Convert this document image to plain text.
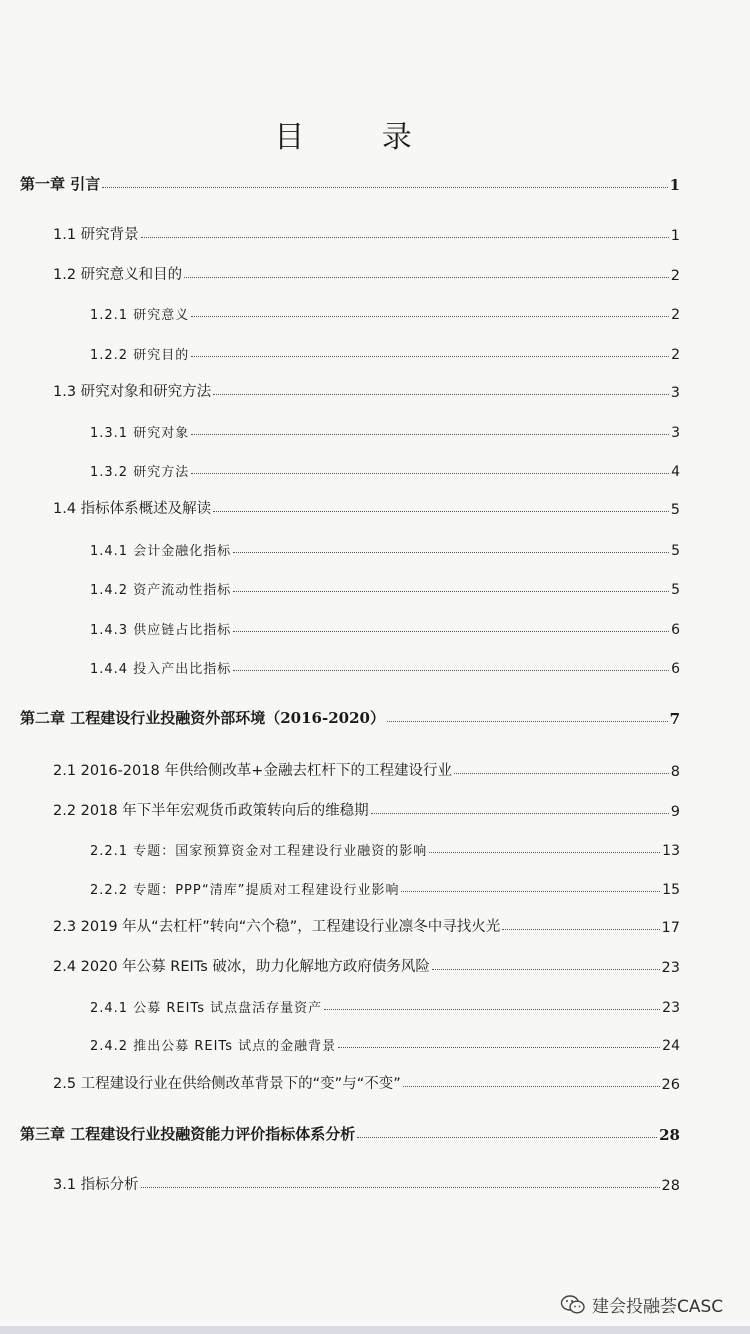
目 录
第一章 引言	1
1.1 研究背景	1
1.2 研究意义和目的	2
1.2.1 研究意义	2
1.2.2 研究目的	2
1.3 研究对象和研究方法	3
1.3.1 研究对象	3
1.3.2 研究方法	4
1.4 指标体系概述及解读	5
1.4.1 会计金融化指标	5
1.4.2 资产流动性指标	5
1.4.3 供应链占比指标	6
1.4.4 投入产出比指标	6
第二章 工程建设行业投融资外部环境（2016-2020）	7
2.1 2016-2018 年供给侧改革+金融去杠杆下的工程建设行业	8
2.2 2018 年下半年宏观货币政策转向后的维稳期	9
2.2.1 专题：国家预算资金对工程建设行业融资的影响	13
2.2.2 专题：PPP“清库”提质对工程建设行业影响	15
2.3 2019 年从“去杠杆”转向“六个稳”，工程建设行业凛冬中寻找火光	17
2.4 2020 年公募 REITs 破冰，助力化解地方政府债务风险	23
2.4.1 公募 REITs 试点盘活存量资产	23
2.4.2 推出公募 REITs 试点的金融背景	24
2.5 工程建设行业在供给侧改革背景下的“变”与“不变”	26
第三章 工程建设行业投融资能力评价指标体系分析	28
3.1 指标分析	28
建会投融荟CASC
